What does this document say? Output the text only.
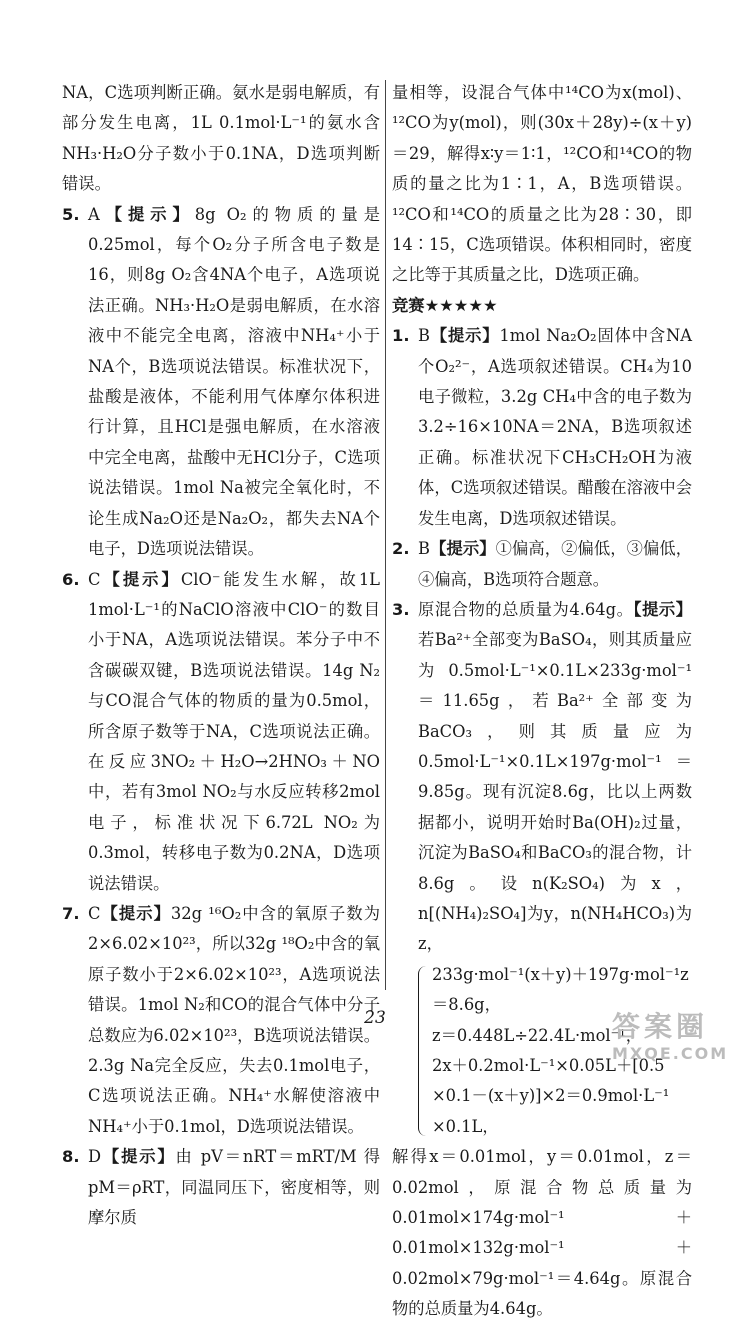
NA，C选项判断正确。氨水是弱电解质，有部分发生电离，1L 0.1mol·L⁻¹的氨水含NH₃·H₂O分子数小于0.1NA，D选项判断错误。

5. A【提示】8g O₂的物质的量是0.25mol，每个O₂分子所含电子数是16，则8g O₂含4NA个电子，A选项说法正确。NH₃·H₂O是弱电解质，在水溶液中不能完全电离，溶液中NH₄⁺小于NA个，B选项说法错误。标准状况下，盐酸是液体，不能利用气体摩尔体积进行计算，且HCl是强电解质，在水溶液中完全电离，盐酸中无HCl分子，C选项说法错误。1mol Na被完全氧化时，不论生成Na₂O还是Na₂O₂，都失去NA个电子，D选项说法错误。

6. C【提示】ClO⁻能发生水解，故1L 1mol·L⁻¹的NaClO溶液中ClO⁻的数目小于NA，A选项说法错误。苯分子中不含碳碳双键，B选项说法错误。14g N₂与CO混合气体的物质的量为0.5mol，所含原子数等于NA，C选项说法正确。在反应3NO₂＋H₂O→2HNO₃＋NO中，若有3mol NO₂与水反应转移2mol电子，标准状况下6.72L NO₂为0.3mol，转移电子数为0.2NA，D选项说法错误。

7. C【提示】32g ¹⁶O₂中含的氧原子数为2×6.02×10²³，所以32g ¹⁸O₂中含的氧原子数小于2×6.02×10²³，A选项说法错误。1mol N₂和CO的混合气体中分子总数应为6.02×10²³，B选项说法错误。2.3g Na完全反应，失去0.1mol电子，C选项说法正确。NH₄⁺水解使溶液中NH₄⁺小于0.1mol，D选项说法错误。

8. D【提示】由 pV＝nRT＝mRT/M 得 pM＝ρRT，同温同压下，密度相等，则摩尔质

量相等，设混合气体中¹⁴CO为x(mol)、¹²CO为y(mol)，则(30x＋28y)÷(x＋y)＝29，解得x∶y＝1∶1，¹²CO和¹⁴CO的物质的量之比为1∶1，A，B选项错误。¹²CO和¹⁴CO的质量之比为28∶30，即14∶15，C选项错误。体积相同时，密度之比等于其质量之比，D选项正确。

竞赛★★★★★

1. B【提示】1mol Na₂O₂固体中含NA个O₂²⁻，A选项叙述错误。CH₄为10电子微粒，3.2g CH₄中含的电子数为3.2÷16×10NA＝2NA，B选项叙述正确。标准状况下CH₃CH₂OH为液体，C选项叙述错误。醋酸在溶液中会发生电离，D选项叙述错误。

2. B【提示】①偏高，②偏低，③偏低，④偏高，B选项符合题意。

3. 原混合物的总质量为4.64g。【提示】若Ba²⁺全部变为BaSO₄，则其质量应为0.5mol·L⁻¹×0.1L×233g·mol⁻¹＝11.65g，若Ba²⁺全部变为BaCO₃，则其质量应为0.5mol·L⁻¹×0.1L×197g·mol⁻¹＝9.85g。现有沉淀8.6g，比以上两数据都小，说明开始时Ba(OH)₂过量，沉淀为BaSO₄和BaCO₃的混合物，计8.6g。设n(K₂SO₄)为x，n[(NH₄)₂SO₄]为y，n(NH₄HCO₃)为z，

233g·mol⁻¹(x＋y)＋197g·mol⁻¹z
＝8.6g，
z＝0.448L÷22.4L·mol⁻¹，
2x＋0.2mol·L⁻¹×0.05L＋[0.5
×0.1－(x＋y)]×2＝0.9mol·L⁻¹
×0.1L，

解得x＝0.01mol，y＝0.01mol，z＝0.02mol，原混合物总质量为0.01mol×174g·mol⁻¹＋0.01mol×132g·mol⁻¹＋0.02mol×79g·mol⁻¹＝4.64g。原混合物的总质量为4.64g。

23	答案圈
MXQE.COM
